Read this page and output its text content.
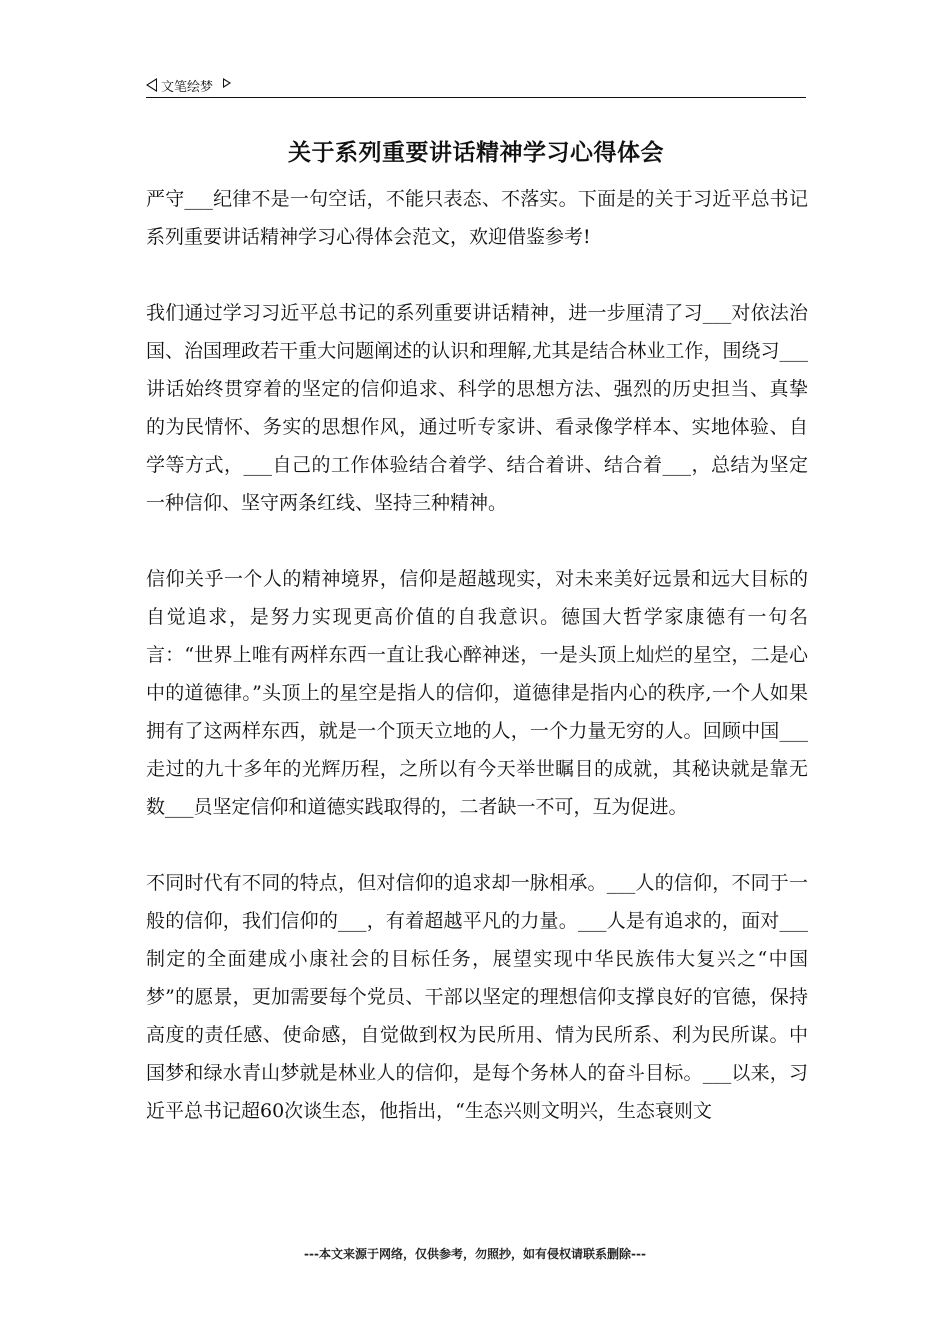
文笔绘梦
关于系列重要讲话精神学习心得体会

严守___纪律不是一句空话，不能只表态、不落实。下面是的关于习近平总书记系列重要讲话精神学习心得体会范文，欢迎借鉴参考!

我们通过学习习近平总书记的系列重要讲话精神，进一步厘清了习___对依法治国、治国理政若干重大问题阐述的认识和理解,尤其是结合林业工作，围绕习___讲话始终贯穿着的坚定的信仰追求、科学的思想方法、强烈的历史担当、真挚的为民情怀、务实的思想作风，通过听专家讲、看录像学样本、实地体验、自学等方式，___自己的工作体验结合着学、结合着讲、结合着___，总结为坚定一种信仰、坚守两条红线、坚持三种精神。

信仰关乎一个人的精神境界，信仰是超越现实，对未来美好远景和远大目标的自觉追求，是努力实现更高价值的自我意识。德国大哲学家康德有一句名言：“世界上唯有两样东西一直让我心醉神迷，一是头顶上灿烂的星空，二是心中的道德律。”头顶上的星空是指人的信仰，道德律是指内心的秩序,一个人如果拥有了这两样东西，就是一个顶天立地的人，一个力量无穷的人。回顾中国___走过的九十多年的光辉历程，之所以有今天举世瞩目的成就，其秘诀就是靠无数___员坚定信仰和道德实践取得的，二者缺一不可，互为促进。

不同时代有不同的特点，但对信仰的追求却一脉相承。___人的信仰，不同于一般的信仰，我们信仰的___，有着超越平凡的力量。___人是有追求的，面对___制定的全面建成小康社会的目标任务，展望实现中华民族伟大复兴之“中国梦”的愿景，更加需要每个党员、干部以坚定的理想信仰支撑良好的官德，保持高度的责任感、使命感，自觉做到权为民所用、情为民所系、利为民所谋。中国梦和绿水青山梦就是林业人的信仰，是每个务林人的奋斗目标。___以来，习近平总书记超60次谈生态，他指出，“生态兴则文明兴，生态衰则文

---本文来源于网络，仅供参考，勿照抄，如有侵权请联系删除---
